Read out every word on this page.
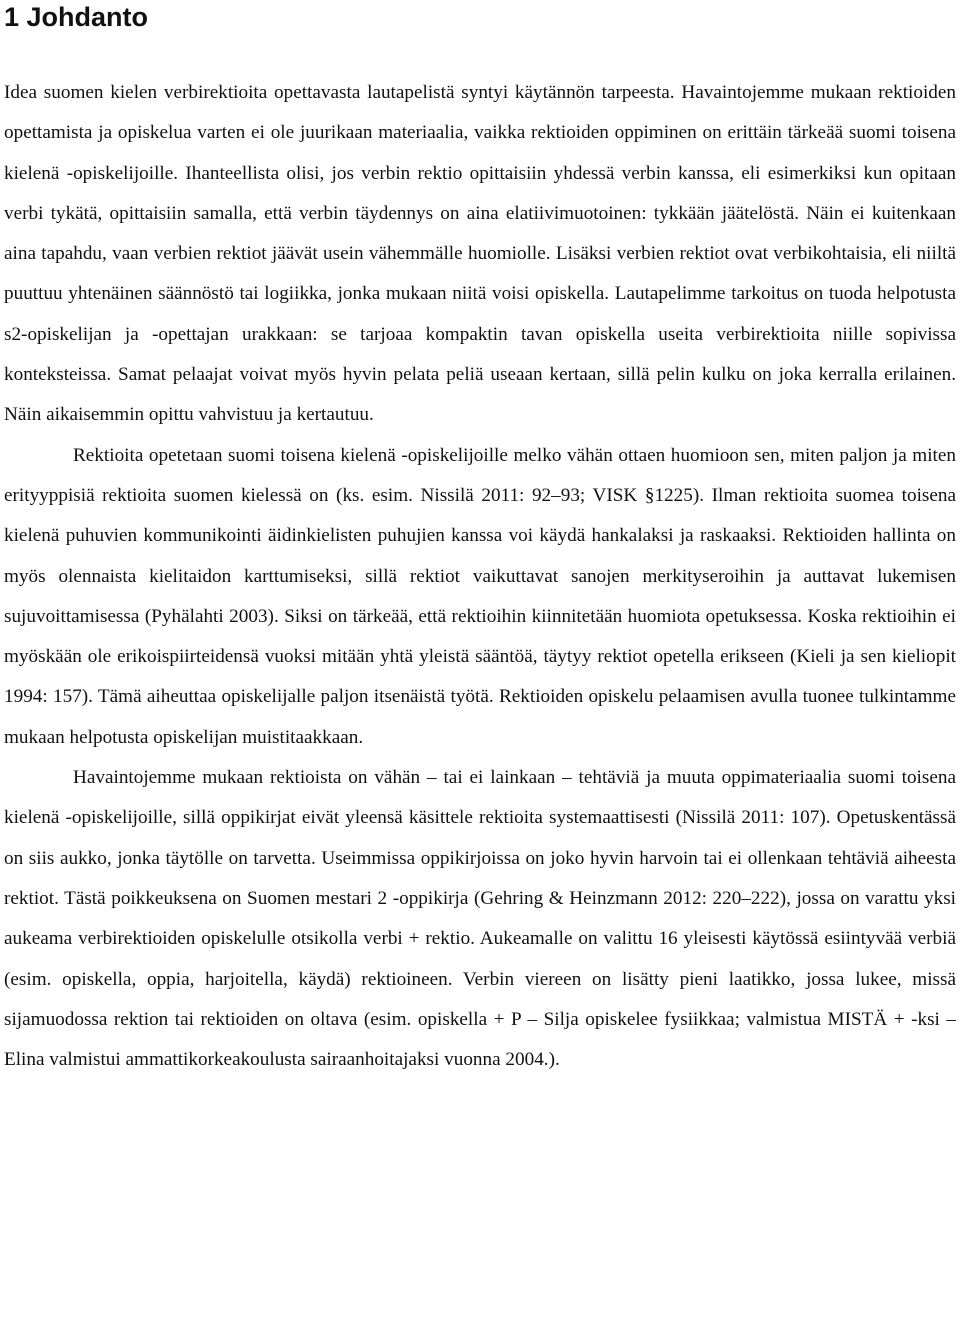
1 Johdanto

Idea suomen kielen verbirektioita opettavasta lautapelistä syntyi käytännön tarpeesta. Havaintojemme mukaan rektioiden opettamista ja opiskelua varten ei ole juurikaan materiaalia, vaikka rektioiden oppiminen on erittäin tärkeää suomi toisena kielenä -opiskelijoille. Ihanteellista olisi, jos verbin rektio opittaisiin yhdessä verbin kanssa, eli esimerkiksi kun opitaan verbi tykätä, opittaisiin samalla, että verbin täydennys on aina elatiivimuotoinen: tykkään jäätelöstä. Näin ei kuitenkaan aina tapahdu, vaan verbien rektiot jäävät usein vähemmälle huomiolle. Lisäksi verbien rektiot ovat verbikohtaisia, eli niiltä puuttuu yhtenäinen säännöstö tai logiikka, jonka mukaan niitä voisi opiskella. Lautapelimme tarkoitus on tuoda helpotusta s2-opiskelijan ja -opettajan urakkaan: se tarjoaa kompaktin tavan opiskella useita verbirektioita niille sopivissa konteksteissa. Samat pelaajat voivat myös hyvin pelata peliä useaan kertaan, sillä pelin kulku on joka kerralla erilainen. Näin aikaisemmin opittu vahvistuu ja kertautuu.

Rektioita opetetaan suomi toisena kielenä -opiskelijoille melko vähän ottaen huomioon sen, miten paljon ja miten erityyppisiä rektioita suomen kielessä on (ks. esim. Nissilä 2011: 92–93; VISK §1225). Ilman rektioita suomea toisena kielenä puhuvien kommunikointi äidinkielisten puhujien kanssa voi käydä hankalaksi ja raskaaksi. Rektioiden hallinta on myös olennaista kielitaidon karttumiseksi, sillä rektiot vaikuttavat sanojen merkityseroihin ja auttavat lukemisen sujuvoittamisessa (Pyhälahti 2003). Siksi on tärkeää, että rektioihin kiinnitetään huomiota opetuksessa. Koska rektioihin ei myöskään ole erikoispiirteidensä vuoksi mitään yhtä yleistä sääntöä, täytyy rektiot opetella erikseen (Kieli ja sen kieliopit 1994: 157). Tämä aiheuttaa opiskelijalle paljon itsenäistä työtä. Rektioiden opiskelu pelaamisen avulla tuonee tulkintamme mukaan helpotusta opiskelijan muistitaakkaan.

Havaintojemme mukaan rektioista on vähän – tai ei lainkaan – tehtäviä ja muuta oppimateriaalia suomi toisena kielenä -opiskelijoille, sillä oppikirjat eivät yleensä käsittele rektioita systemaattisesti (Nissilä 2011: 107). Opetuskentässä on siis aukko, jonka täytölle on tarvetta. Useimmissa oppikirjoissa on joko hyvin harvoin tai ei ollenkaan tehtäviä aiheesta rektiot. Tästä poikkeuksena on Suomen mestari 2 -oppikirja (Gehring & Heinzmann 2012: 220–222), jossa on varattu yksi aukeama verbirektioiden opiskelulle otsikolla verbi + rektio. Aukeamalle on valittu 16 yleisesti käytössä esiintyvää verbiä (esim. opiskella, oppia, harjoitella, käydä) rektioineen. Verbin viereen on lisätty pieni laatikko, jossa lukee, missä sijamuodossa rektion tai rektioiden on oltava (esim. opiskella + P – Silja opiskelee fysiikkaa; valmistua MISTÄ + -ksi – Elina valmistui ammattikorkeakoulusta sairaanhoitajaksi vuonna 2004.).
